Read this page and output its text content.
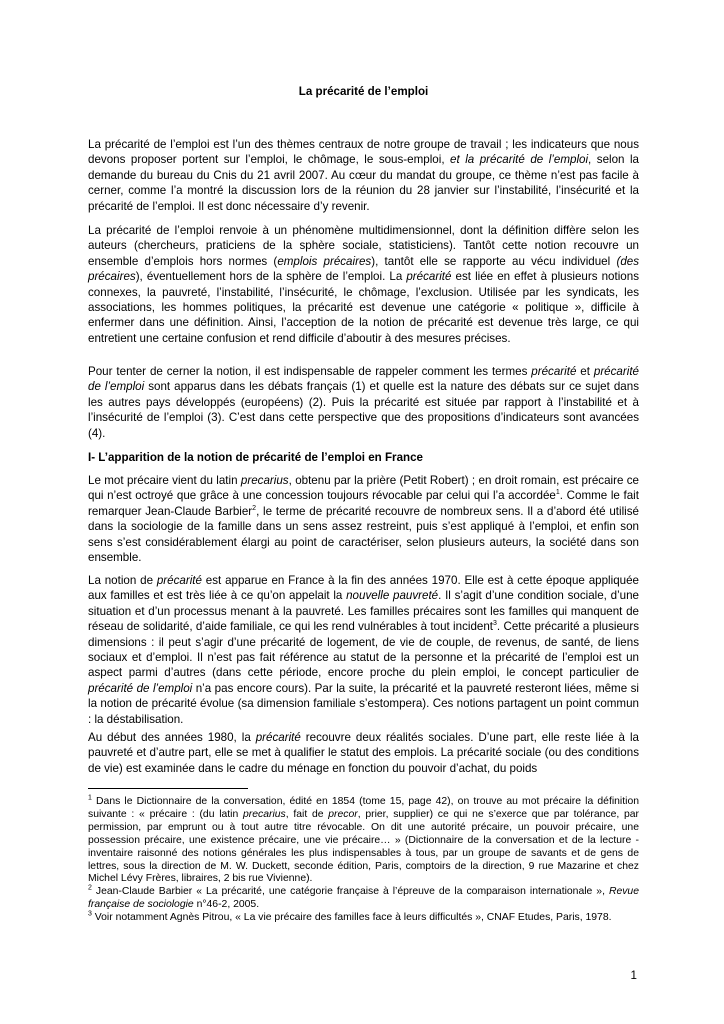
La précarité de l’emploi

La précarité de l’emploi est l’un des thèmes centraux de notre groupe de travail ; les indicateurs que nous devons proposer portent sur l’emploi, le chômage, le sous-emploi, et la précarité de l’emploi, selon la demande du bureau du Cnis du 21 avril 2007. Au cœur du mandat du groupe, ce thème n’est pas facile à cerner, comme l’a montré la discussion lors de la réunion du 28 janvier sur l’instabilité, l’insécurité et la précarité de l’emploi. Il est donc nécessaire d’y revenir.

La précarité de l’emploi renvoie à un phénomène multidimensionnel, dont la définition diffère selon les auteurs (chercheurs, praticiens de la sphère sociale, statisticiens). Tantôt cette notion recouvre un ensemble d’emplois hors normes (emplois précaires), tantôt elle se rapporte au vécu individuel (des précaires), éventuellement hors de la sphère de l’emploi. La précarité est liée en effet à plusieurs notions connexes, la pauvreté, l’instabilité, l’insécurité, le chômage, l’exclusion. Utilisée par les syndicats, les associations, les hommes politiques, la précarité est devenue une catégorie « politique », difficile à enfermer dans une définition. Ainsi, l’acception de la notion de précarité est devenue très large, ce qui entretient une certaine confusion et rend difficile d’aboutir à des mesures précises.

Pour tenter de cerner la notion, il est indispensable de rappeler comment les termes précarité et précarité de l’emploi sont apparus dans les débats français (1) et quelle est la nature des débats sur ce sujet dans les autres pays développés (européens) (2). Puis la précarité est située par rapport à l’instabilité et à l’insécurité de l’emploi (3). C’est dans cette perspective que des propositions d’indicateurs sont avancées (4).

I- L’apparition de la notion de précarité de l’emploi en France

Le mot précaire vient du latin precarius, obtenu par la prière (Petit Robert) ; en droit romain, est précaire ce qui n’est octroyé que grâce à une concession toujours révocable par celui qui l’a accordée$^1$. Comme le fait remarquer Jean-Claude Barbier$^2$, le terme de précarité recouvre de nombreux sens. Il a d’abord été utilisé dans la sociologie de la famille dans un sens assez restreint, puis s’est appliqué à l’emploi, et enfin son sens s’est considérablement élargi au point de caractériser, selon plusieurs auteurs, la société dans son ensemble.

La notion de précarité est apparue en France à la fin des années 1970. Elle est à cette époque appliquée aux familles et est très liée à ce qu’on appelait la nouvelle pauvreté. Il s’agit d’une condition sociale, d’une situation et d’un processus menant à la pauvreté. Les familles précaires sont les familles qui manquent de réseau de solidarité, d’aide familiale, ce qui les rend vulnérables à tout incident$^3$. Cette précarité a plusieurs dimensions : il peut s’agir d’une précarité de logement, de vie de couple, de revenus, de santé, de liens sociaux et d’emploi. Il n’est pas fait référence au statut de la personne et la précarité de l’emploi est un aspect parmi d’autres (dans cette période, encore proche du plein emploi, le concept particulier de précarité de l’emploi n’a pas encore cours). Par la suite, la précarité et la pauvreté resteront liées, même si la notion de précarité évolue (sa dimension familiale s’estompera). Ces notions partagent un point commun : la déstabilisation.

Au début des années 1980, la précarité recouvre deux réalités sociales. D’une part, elle reste liée à la pauvreté et d’autre part, elle se met à qualifier le statut des emplois. La précarité sociale (ou des conditions de vie) est examinée dans le cadre du ménage en fonction du pouvoir d’achat, du poids

$^1$ Dans le Dictionnaire de la conversation, édité en 1854 (tome 15, page 42), on trouve au mot précaire la définition suivante : « précaire : (du latin precarius, fait de precor, prier, supplier) ce qui ne s’exerce que par tolérance, par permission, par emprunt ou à tout autre titre révocable. On dit une autorité précaire, un pouvoir précaire, une possession précaire, une existence précaire, une vie précaire… » (Dictionnaire de la conversation et de la lecture - inventaire raisonné des notions générales les plus indispensables à tous, par un groupe de savants et de gens de lettres, sous la direction de M. W. Duckett, seconde édition, Paris, comptoirs de la direction, 9 rue Mazarine et chez Michel Lévy Frères, libraires, 2 bis rue Vivienne).

$^2$ Jean-Claude Barbier « La précarité, une catégorie française à l’épreuve de la comparaison internationale », Revue française de sociologie n°46-2, 2005.

$^3$ Voir notamment Agnès Pitrou, « La vie précaire des familles face à leurs difficultés », CNAF Etudes, Paris, 1978.

1
